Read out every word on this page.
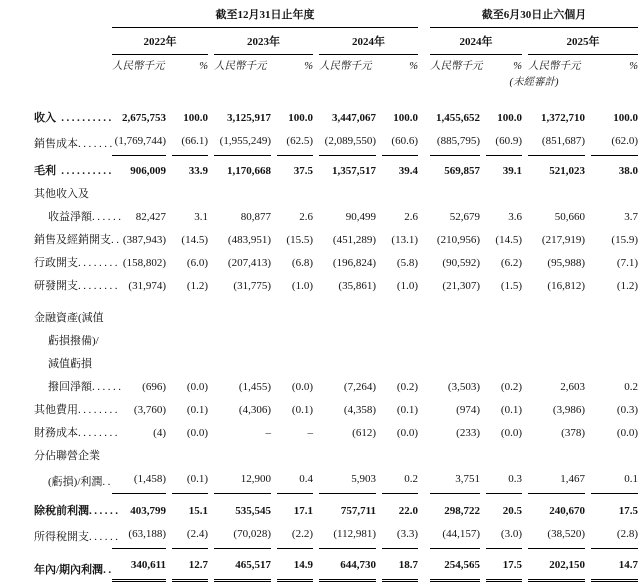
截至12月31日止年度	截至6月30日止六個月
2022年	2023年	2024年	2024年	2025年
人民幣千元	% 人民幣千元	% 人民幣千元	% 人民幣千元	% 人民幣千元	%
(未經審計)
收入 .......... 2,675,753	100.0	3,125,917	100.0	3,447,067	100.0	1,455,652	100.0	1,372,710	100.0
銷售成本....... (1,769,744)	(66.1)	(1,955,249)	(62.5)	(2,089,550)	(60.6)	(885,795)	(60.9)	(851,687)	(62.0)
毛利 ..........	906,009	33.9	1,170,668	37.5	1,357,517	39.4	569,857	39.1	521,023	38.0
其他收入及
收益淨額......	82,427	3.1	80,877	2.6	90,499	2.6	52,679	3.6	50,660	3.7
銷售及經銷開支.. (387,943)	(14.5)	(483,951)	(15.5)	(451,289)	(13.1)	(210,956)	(14.5)	(217,919)	(15.9)
行政開支........ (158,802)	(6.0)	(207,413)	(6.8)	(196,824)	(5.8)	(90,592)	(6.2)	(95,988)	(7.1)
研發開支........ (31,974)	(1.2)	(31,775)	(1.0)	(35,861)	(1.0)	(21,307)	(1.5)	(16,812)	(1.2)
金融資產(減值
虧損撥備)/
減值虧損
撥回淨額......	(696)	(0.0)	(1,455)	(0.0)	(7,264)	(0.2)	(3,503)	(0.2)	2,603	0.2
其他費用........	(3,760)	(0.1)	(4,306)	(0.1)	(4,358)	(0.1)	(974)	(0.1)	(3,986)	(0.3)
財務成本........	(4)	(0.0)	–	–	(612)	(0.0)	(233)	(0.0)	(378)	(0.0)
分佔聯營企業
(虧損)/利潤..	(1,458)	(0.1)	12,900	0.4	5,903	0.2	3,751	0.3	1,467	0.1
除稅前利潤...... 403,799	15.1	535,545	17.1	757,711	22.0	298,722	20.5	240,670	17.5
所得稅開支...... (63,188)	(2.4)	(70,028)	(2.2)	(112,981)	(3.3)	(44,157)	(3.0)	(38,520)	(2.8)
年內/期內利潤..	340,611	12.7	465,517	14.9	644,730	18.7	254,565	17.5	202,150	14.7
